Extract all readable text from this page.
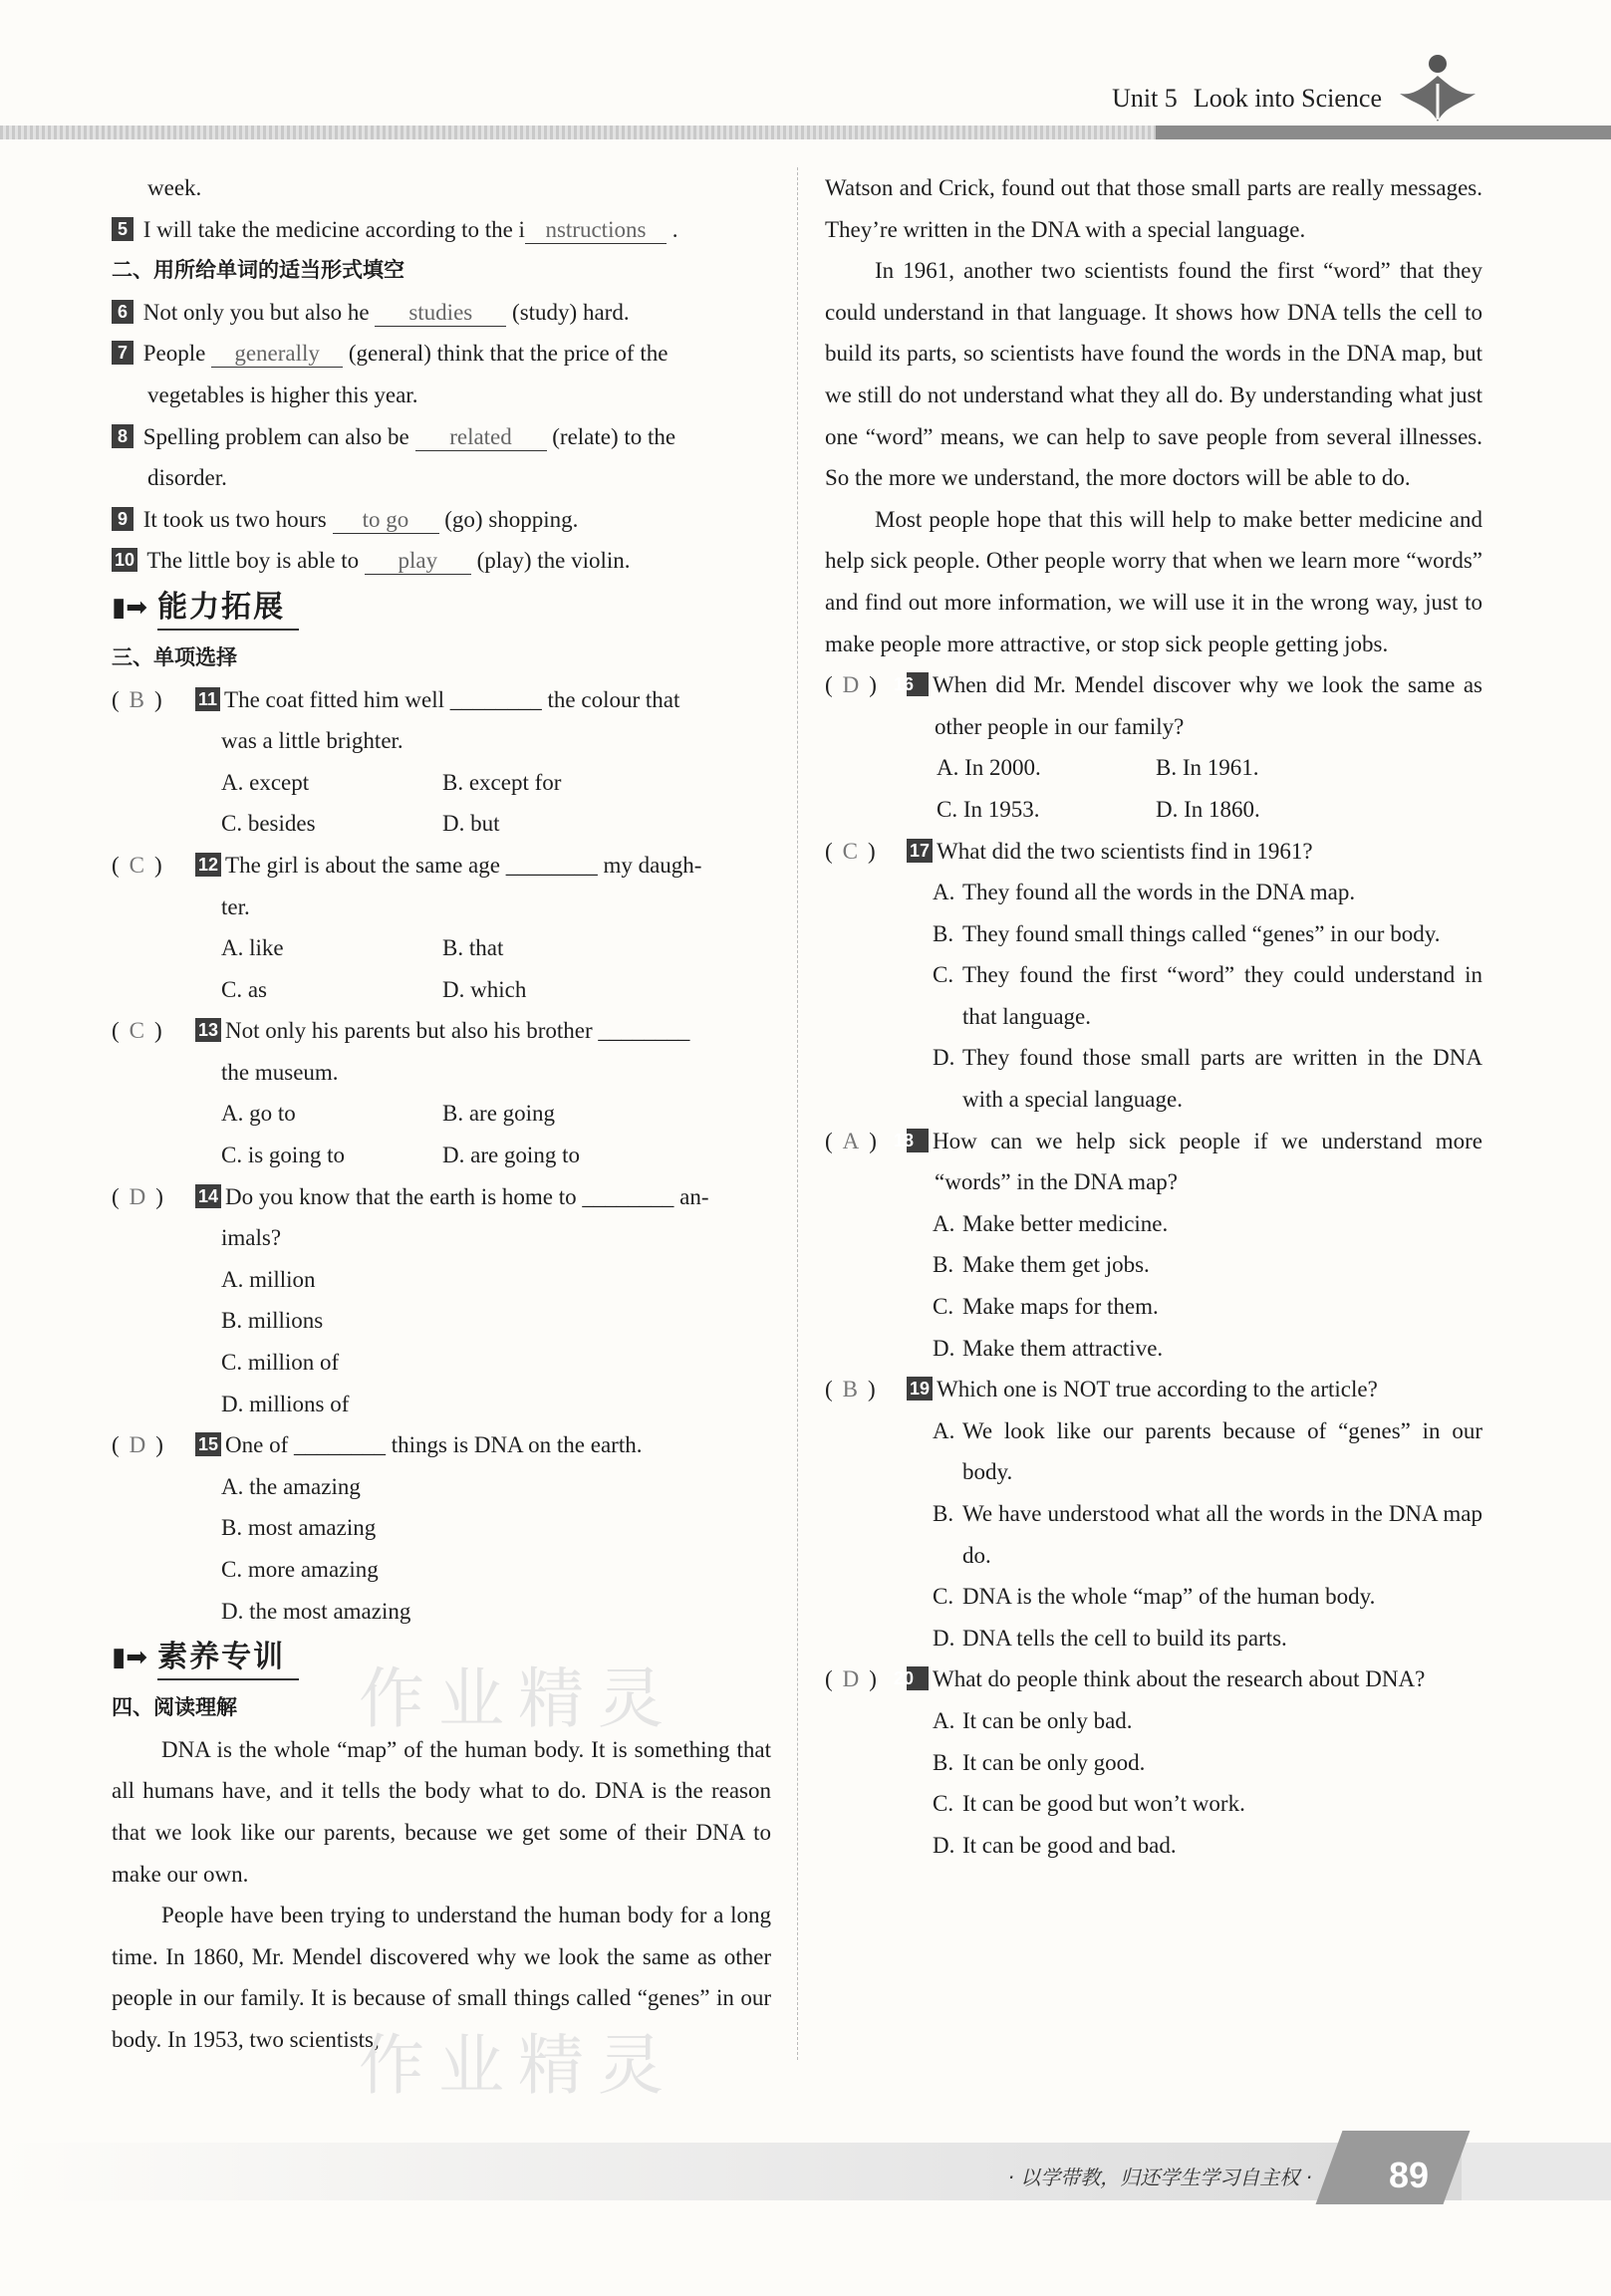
Unit 5 Look into Science
week.
5 I will take the medicine according to the i nstructions .
二、用所给单词的适当形式填空
6 Not only you but also he studies (study) hard.
7 People generally (general) think that the price of the
vegetables is higher this year.
8 Spelling problem can also be related (relate) to the
disorder.
9 It took us two hours to go (go) shopping.
10 The little boy is able to play (play) the violin.
▮➡ 能力拓展
三、单项选择
( B )	11 The coat fitted him well ________ the colour that
was a little brighter.
A. except	B. except for
C. besides	D. but
( C )	12 The girl is about the same age ________ my daugh-
ter.
A. like	B. that
C. as	D. which
( C )	13 Not only his parents but also his brother ________
the museum.
A. go to	B. are going
C. is going to	D. are going to
( D )	14 Do you know that the earth is home to ________ an-
imals?
A. million
B. millions
C. million of
D. millions of
( D )	15 One of ________ things is DNA on the earth.
A. the amazing
B. most amazing
C. more amazing
D. the most amazing
▮➡ 素养专训
四、阅读理解
DNA is the whole “map” of the human body. It is something that all humans have, and it tells the body what to do. DNA is the reason that we look like our parents, because we get some of their DNA to make our own.
People have been trying to understand the human body for a long time. In 1860, Mr. Mendel discovered why we look the same as other people in our family. It is because of small things called “genes” in our body. In 1953, two scientists,
Watson and Crick, found out that those small parts are really messages. They’re written in the DNA with a special language.
In 1961, another two scientists found the first “word” that they could understand in that language. It shows how DNA tells the cell to build its parts, so scientists have found the words in the DNA map, but we still do not understand what they all do. By understanding what just one “word” means, we can help to save people from several illnesses. So the more we understand, the more doctors will be able to do.
Most people hope that this will help to make better medicine and help sick people. Other people worry that when we learn more “words” and find out more information, we will use it in the wrong way, just to make people more attractive, or stop sick people getting jobs.
( D ) 16 When did Mr. Mendel discover why we look the same as other people in our family?
A. In 2000.	B. In 1961.
C. In 1953.	D. In 1860.
( C )	17 What did the two scientists find in 1961?
A. They found all the words in the DNA map.
B. They found small things called “genes” in our body.
C. They found the first “word” they could understand in that language.
D. They found those small parts are written in the DNA with a special language.
( A ) 18 How can we help sick people if we understand more “words” in the DNA map?
A. Make better medicine.
B. Make them get jobs.
C. Make maps for them.
D. Make them attractive.
( B )	19 Which one is NOT true according to the article?
A. We look like our parents because of “genes” in our body.
B. We have understood what all the words in the DNA map do.
C. DNA is the whole “map” of the human body.
D. DNA tells the cell to build its parts.
( D ) 20 What do people think about the research about DNA?
A. It can be only bad.
B. It can be only good.
C. It can be good but won’t work.
D. It can be good and bad.
作业精灵
作业精灵
· 以学带教，归还学生学习自主权 · 89
